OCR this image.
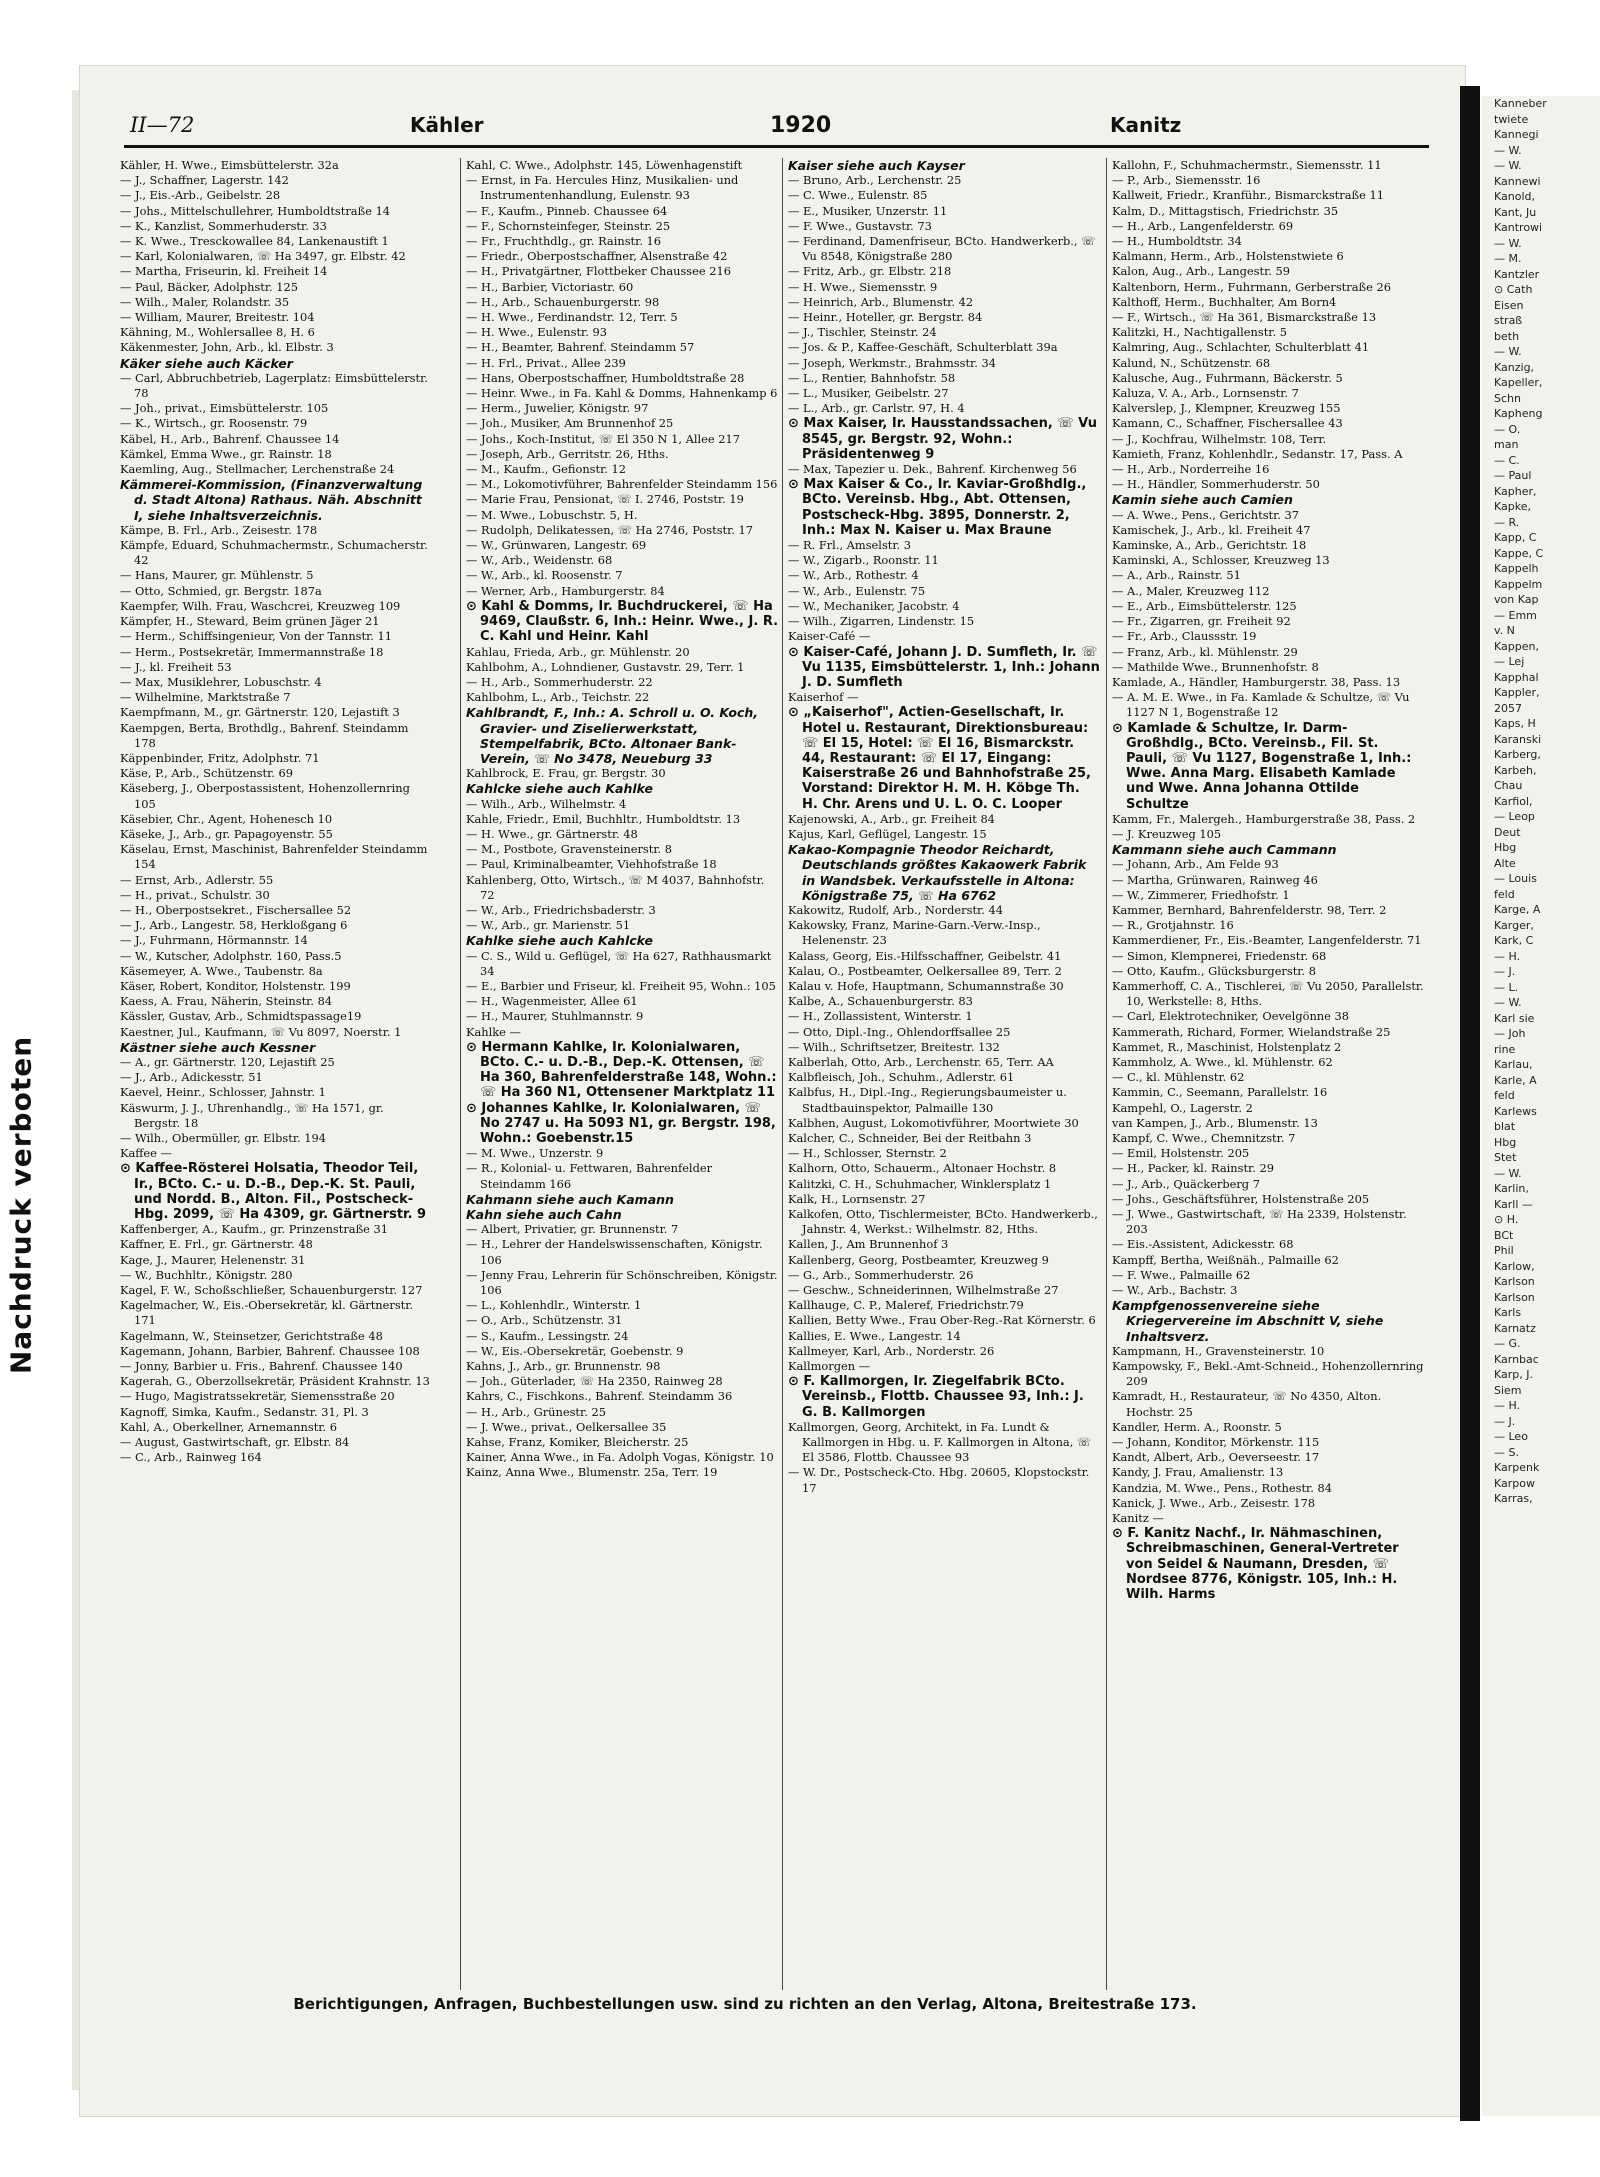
Nachdruck verboten
Kanneber
twiete
Kannegi
— W.
— W.
Kannewi
Kanold,
Kant, Ju
Kantrowi
— W.
— M.
Kantzler
⊙ Cath
Eisen
straß
beth
— W.
Kanzig,
Kapeller,
Schn
Kapheng
— O.
man
— C.
— Paul
Kapher,
Kapke,
— R.
Kapp, C
Kappe, C
Kappelh
Kappelm
von Kap
— Emm
v. N
Kappen,
— Lej
Kapphal
Kappler,
2057
Kaps, H
Karanski
Karberg,
Karbeh,
Chau
Karfiol,
— Leop
Deut
Hbg
Alte
— Louis
feld
Karge, A
Karger,
Kark, C
— H.
— J.
— L.
— W.
Karl sie
— Joh
rine
Karlau,
Karle, A
feld
Karlews
blat
Hbg
Stet
— W.
Karlin,
Karll —
⊙ H.
BCt
Phil
Karlow,
Karlson
Karlson
Karls
Karnatz
— G.
Karnbac
Karp, J.
Siem
— H.
— J.
— Leo
— S.
Karpenk
Karpow
Karras,
II—72	Kähler	1920	Kanitz

Kähler, H. Wwe., Eimsbüttelerstr. 32a

— J., Schaffner, Lagerstr. 142

— J., Eis.-Arb., Geibelstr. 28

— Johs., Mittelschullehrer, Humboldtstraße 14

— K., Kanzlist, Sommerhuderstr. 33

— K. Wwe., Tresckowallee 84, Lankenaustift 1

— Karl, Kolonialwaren, ☏ Ha 3497, gr. Elbstr. 42

— Martha, Friseurin, kl. Freiheit 14

— Paul, Bäcker, Adolphstr. 125

— Wilh., Maler, Rolandstr. 35

— William, Maurer, Breitestr. 104

Kähning, M., Wohlersallee 8, H. 6

Käkenmester, John, Arb., kl. Elbstr. 3

Käker siehe auch Käcker

— Carl, Abbruchbetrieb, Lagerplatz: Eimsbüttelerstr. 78

— Joh., privat., Eimsbüttelerstr. 105

— K., Wirtsch., gr. Roosenstr. 79

Käbel, H., Arb., Bahrenf. Chaussee 14

Kämkel, Emma Wwe., gr. Rainstr. 18

Kaemling, Aug., Stellmacher, Lerchenstraße 24

Kämmerei-Kommission, (Finanzverwaltung d. Stadt Altona) Rathaus. Näh. Abschnitt I, siehe Inhaltsverzeichnis.

Kämpe, B. Frl., Arb., Zeisestr. 178

Kämpfe, Eduard, Schuhmachermstr., Schumacherstr. 42

— Hans, Maurer, gr. Mühlenstr. 5

— Otto, Schmied, gr. Bergstr. 187a

Kaempfer, Wilh. Frau, Waschcrei, Kreuzweg 109

Kämpfer, H., Steward, Beim grünen Jäger 21

— Herm., Schiffsingenieur, Von der Tannstr. 11

— Herm., Postsekretär, Immermannstraße 18

— J., kl. Freiheit 53

— Max, Musiklehrer, Lobuschstr. 4

— Wilhelmine, Marktstraße 7

Kaempfmann, M., gr. Gärtnerstr. 120, Lejastift 3

Kaempgen, Berta, Brothdlg., Bahrenf. Steindamm 178

Käppenbinder, Fritz, Adolphstr. 71

Käse, P., Arb., Schützenstr. 69

Käseberg, J., Oberpostassistent, Hohenzollernring 105

Käsebier, Chr., Agent, Hohenesch 10

Käseke, J., Arb., gr. Papagoyenstr. 55

Käselau, Ernst, Maschinist, Bahrenfelder Steindamm 154

— Ernst, Arb., Adlerstr. 55

— H., privat., Schulstr. 30

— H., Oberpostsekret., Fischersallee 52

— J., Arb., Langestr. 58, Herkloßgang 6

— J., Fuhrmann, Hörmannstr. 14

— W., Kutscher, Adolphstr. 160, Pass.5

Käsemeyer, A. Wwe., Taubenstr. 8a

Käser, Robert, Konditor, Holstenstr. 199

Kaess, A. Frau, Näherin, Steinstr. 84

Kässler, Gustav, Arb., Schmidtspassage19

Kaestner, Jul., Kaufmann, ☏ Vu 8097, Noerstr. 1

Kästner siehe auch Kessner

— A., gr. Gärtnerstr. 120, Lejastift 25

— J., Arb., Adickesstr. 51

Kaevel, Heinr., Schlosser, Jahnstr. 1

Käswurm, J. J., Uhrenhandlg., ☏ Ha 1571, gr. Bergstr. 18

— Wilh., Obermüller, gr. Elbstr. 194

Kaffee —

⊙ Kaffee-Rösterei Holsatia, Theodor Teil, Ir., BCto. C.- u. D.-B., Dep.-K. St. Pauli, und Nordd. B., Alton. Fil., Postscheck-Hbg. 2099, ☏ Ha 4309, gr. Gärtnerstr. 9

Kaffenberger, A., Kaufm., gr. Prinzenstraße 31

Kaffner, E. Frl., gr. Gärtnerstr. 48

Kage, J., Maurer, Helenenstr. 31

— W., Buchhltr., Königstr. 280

Kagel, F. W., Schoßschließer, Schauenburgerstr. 127

Kagelmacher, W., Eis.-Obersekretär, kl. Gärtnerstr. 171

Kagelmann, W., Steinsetzer, Gerichtstraße 48

Kagemann, Johann, Barbier, Bahrenf. Chaussee 108

— Jonny, Barbier u. Fris., Bahrenf. Chaussee 140

Kagerah, G., Oberzollsekretär, Präsident Krahnstr. 13

— Hugo, Magistratssekretär, Siemensstraße 20

Kagnoff, Simka, Kaufm., Sedanstr. 31, Pl. 3

Kahl, A., Oberkellner, Arnemannstr. 6

— August, Gastwirtschaft, gr. Elbstr. 84

— C., Arb., Rainweg 164

Kahl, C. Wwe., Adolphstr. 145, Löwenhagenstift

— Ernst, in Fa. Hercules Hinz, Musikalien- und Instrumentenhandlung, Eulenstr. 93

— F., Kaufm., Pinneb. Chaussee 64

— F., Schornsteinfeger, Steinstr. 25

— Fr., Fruchthdlg., gr. Rainstr. 16

— Friedr., Oberpostschaffner, Alsenstraße 42

— H., Privatgärtner, Flottbeker Chaussee 216

— H., Barbier, Victoriastr. 60

— H., Arb., Schauenburgerstr. 98

— H. Wwe., Ferdinandstr. 12, Terr. 5

— H. Wwe., Eulenstr. 93

— H., Beamter, Bahrenf. Steindamm 57

— H. Frl., Privat., Allee 239

— Hans, Oberpostschaffner, Humboldtstraße 28

— Heinr. Wwe., in Fa. Kahl & Domms, Hahnenkamp 6

— Herm., Juwelier, Königstr. 97

— Joh., Musiker, Am Brunnenhof 25

— Johs., Koch-Institut, ☏ El 350 N 1, Allee 217

— Joseph, Arb., Gerritstr. 26, Hths.

— M., Kaufm., Gefionstr. 12

— M., Lokomotivführer, Bahrenfelder Steindamm 156

— Marie Frau, Pensionat, ☏ I. 2746, Poststr. 19

— M. Wwe., Lobuschstr. 5, H.

— Rudolph, Delikatessen, ☏ Ha 2746, Poststr. 17

— W., Grünwaren, Langestr. 69

— W., Arb., Weidenstr. 68

— W., Arb., kl. Roosenstr. 7

— Werner, Arb., Hamburgerstr. 84

⊙ Kahl & Domms, Ir. Buchdruckerei, ☏ Ha 9469, Claußstr. 6, Inh.: Heinr. Wwe., J. R. C. Kahl und Heinr. Kahl

Kahlau, Frieda, Arb., gr. Mühlenstr. 20

Kahlbohm, A., Lohndiener, Gustavstr. 29, Terr. 1

— H., Arb., Sommerhuderstr. 22

Kahlbohm, L., Arb., Teichstr. 22

Kahlbrandt, F., Inh.: A. Schroll u. O. Koch, Gravier- und Ziselierwerkstatt, Stempelfabrik, BCto. Altonaer Bank-Verein, ☏ No 3478, Neueburg 33

Kahlbrock, E. Frau, gr. Bergstr. 30

Kahlcke siehe auch Kahlke

— Wilh., Arb., Wilhelmstr. 4

Kahle, Friedr., Emil, Buchhltr., Humboldtstr. 13

— H. Wwe., gr. Gärtnerstr. 48

— M., Postbote, Gravensteinerstr. 8

— Paul, Kriminalbeamter, Viehhofstraße 18

Kahlenberg, Otto, Wirtsch., ☏ M 4037, Bahnhofstr. 72

— W., Arb., Friedrichsbaderstr. 3

— W., Arb., gr. Marienstr. 51

Kahlke siehe auch Kahlcke

— C. S., Wild u. Geflügel, ☏ Ha 627, Rathhausmarkt 34

— E., Barbier und Friseur, kl. Freiheit 95, Wohn.: 105

— H., Wagenmeister, Allee 61

— H., Maurer, Stuhlmannstr. 9

Kahlke —

⊙ Hermann Kahlke, Ir. Kolonialwaren, BCto. C.- u. D.-B., Dep.-K. Ottensen, ☏ Ha 360, Bahrenfelderstraße 148, Wohn.: ☏ Ha 360 N1, Ottensener Marktplatz 11

⊙ Johannes Kahlke, Ir. Kolonialwaren, ☏ No 2747 u. Ha 5093 N1, gr. Bergstr. 198, Wohn.: Goebenstr.15

— M. Wwe., Unzerstr. 9

— R., Kolonial- u. Fettwaren, Bahrenfelder Steindamm 166

Kahmann siehe auch Kamann

Kahn siehe auch Cahn

— Albert, Privatier, gr. Brunnenstr. 7

— H., Lehrer der Handelswissenschaften, Königstr. 106

— Jenny Frau, Lehrerin für Schönschreiben, Königstr. 106

— L., Kohlenhdlr., Winterstr. 1

— O., Arb., Schützenstr. 31

— S., Kaufm., Lessingstr. 24

— W., Eis.-Obersekretär, Goebenstr. 9

Kahns, J., Arb., gr. Brunnenstr. 98

— Joh., Güterlader, ☏ Ha 2350, Rainweg 28

Kahrs, C., Fischkons., Bahrenf. Steindamm 36

— H., Arb., Grünestr. 25

— J. Wwe., privat., Oelkersallee 35

Kahse, Franz, Komiker, Bleicherstr. 25

Kainer, Anna Wwe., in Fa. Adolph Vogas, Königstr. 10

Kainz, Anna Wwe., Blumenstr. 25a, Terr. 19

Kaiser siehe auch Kayser

— Bruno, Arb., Lerchenstr. 25

— C. Wwe., Eulenstr. 85

— E., Musiker, Unzerstr. 11

— F. Wwe., Gustavstr. 73

— Ferdinand, Damenfriseur, BCto. Handwerkerb., ☏ Vu 8548, Königstraße 280

— Fritz, Arb., gr. Elbstr. 218

— H. Wwe., Siemensstr. 9

— Heinrich, Arb., Blumenstr. 42

— Heinr., Hoteller, gr. Bergstr. 84

— J., Tischler, Steinstr. 24

— Jos. & P., Kaffee-Geschäft, Schulterblatt 39a

— Joseph, Werkmstr., Brahmsstr. 34

— L., Rentier, Bahnhofstr. 58

— L., Musiker, Geibelstr. 27

— L., Arb., gr. Carlstr. 97, H. 4

⊙ Max Kaiser, Ir. Hausstandssachen, ☏ Vu 8545, gr. Bergstr. 92, Wohn.: Präsidentenweg 9

— Max, Tapezier u. Dek., Bahrenf. Kirchenweg 56

⊙ Max Kaiser & Co., Ir. Kaviar-Großhdlg., BCto. Vereinsb. Hbg., Abt. Ottensen, Postscheck-Hbg. 3895, Donnerstr. 2, Inh.: Max N. Kaiser u. Max Braune

— R. Frl., Amselstr. 3

— W., Zigarb., Roonstr. 11

— W., Arb., Rothestr. 4

— W., Arb., Eulenstr. 75

— W., Mechaniker, Jacobstr. 4

— Wilh., Zigarren, Lindenstr. 15

Kaiser-Café —

⊙ Kaiser-Café, Johann J. D. Sumfleth, Ir. ☏ Vu 1135, Eimsbüttelerstr. 1, Inh.: Johann J. D. Sumfleth

Kaiserhof —

⊙ „Kaiserhof", Actien-Gesellschaft, Ir. Hotel u. Restaurant, Direktionsbureau: ☏ El 15, Hotel: ☏ El 16, Bismarckstr. 44, Restaurant: ☏ El 17, Eingang: Kaiserstraße 26 und Bahnhofstraße 25, Vorstand: Direktor H. M. H. Köbge Th. H. Chr. Arens und U. L. O. C. Looper

Kajenowski, A., Arb., gr. Freiheit 84

Kajus, Karl, Geflügel, Langestr. 15

Kakao-Kompagnie Theodor Reichardt, Deutschlands größtes Kakaowerk Fabrik in Wandsbek. Verkaufsstelle in Altona: Königstraße 75, ☏ Ha 6762

Kakowitz, Rudolf, Arb., Norderstr. 44

Kakowsky, Franz, Marine-Garn.-Verw.-Insp., Helenenstr. 23

Kalass, Georg, Eis.-Hilfsschaffner, Geibelstr. 41

Kalau, O., Postbeamter, Oelkersallee 89, Terr. 2

Kalau v. Hofe, Hauptmann, Schumannstraße 30

Kalbe, A., Schauenburgerstr. 83

— H., Zollassistent, Winterstr. 1

— Otto, Dipl.-Ing., Ohlendorffsallee 25

— Wilh., Schriftsetzer, Breitestr. 132

Kalberlah, Otto, Arb., Lerchenstr. 65, Terr. AA

Kalbfleisch, Joh., Schuhm., Adlerstr. 61

Kalbfus, H., Dipl.-Ing., Regierungsbaumeister u. Stadtbauinspektor, Palmaille 130

Kalbhen, August, Lokomotivführer, Moortwiete 30

Kalcher, C., Schneider, Bei der Reitbahn 3

— H., Schlosser, Sternstr. 2

Kalhorn, Otto, Schauerm., Altonaer Hochstr. 8

Kalitzki, C. H., Schuhmacher, Winklersplatz 1

Kalk, H., Lornsenstr. 27

Kalkofen, Otto, Tischlermeister, BCto. Handwerkerb., Jahnstr. 4, Werkst.: Wilhelmstr. 82, Hths.

Kallen, J., Am Brunnenhof 3

Kallenberg, Georg, Postbeamter, Kreuzweg 9

— G., Arb., Sommerhuderstr. 26

— Geschw., Schneiderinnen, Wilhelmstraße 27

Kallhauge, C. P., Maleref, Friedrichstr.79

Kallien, Betty Wwe., Frau Ober-Reg.-Rat Körnerstr. 6

Kallies, E. Wwe., Langestr. 14

Kallmeyer, Karl, Arb., Norderstr. 26

Kallmorgen —

⊙ F. Kallmorgen, Ir. Ziegelfabrik BCto. Vereinsb., Flottb. Chaussee 93, Inh.: J. G. B. Kallmorgen

Kallmorgen, Georg, Architekt, in Fa. Lundt & Kallmorgen in Hbg. u. F. Kallmorgen in Altona, ☏ El 3586, Flottb. Chaussee 93

— W. Dr., Postscheck-Cto. Hbg. 20605, Klopstockstr. 17

Kallohn, F., Schuhmachermstr., Siemensstr. 11

— P., Arb., Siemensstr. 16

Kallweit, Friedr., Kranführ., Bismarckstraße 11

Kalm, D., Mittagstisch, Friedrichstr. 35

— H., Arb., Langenfelderstr. 69

— H., Humboldtstr. 34

Kalmann, Herm., Arb., Holstenstwiete 6

Kalon, Aug., Arb., Langestr. 59

Kaltenborn, Herm., Fuhrmann, Gerberstraße 26

Kalthoff, Herm., Buchhalter, Am Born4

— F., Wirtsch., ☏ Ha 361, Bismarckstraße 13

Kalitzki, H., Nachtigallenstr. 5

Kalmring, Aug., Schlachter, Schulterblatt 41

Kalund, N., Schützenstr. 68

Kalusche, Aug., Fuhrmann, Bäckerstr. 5

Kaluza, V. A., Arb., Lornsenstr. 7

Kalverslep, J., Klempner, Kreuzweg 155

Kamann, C., Schaffner, Fischersallee 43

— J., Kochfrau, Wilhelmstr. 108, Terr.

Kamieth, Franz, Kohlenhdlr., Sedanstr. 17, Pass. A

— H., Arb., Norderreihe 16

— H., Händler, Sommerhuderstr. 50

Kamin siehe auch Camien

— A. Wwe., Pens., Gerichtstr. 37

Kamischek, J., Arb., kl. Freiheit 47

Kaminske, A., Arb., Gerichtstr. 18

Kaminski, A., Schlosser, Kreuzweg 13

— A., Arb., Rainstr. 51

— A., Maler, Kreuzweg 112

— E., Arb., Eimsbüttelerstr. 125

— Fr., Zigarren, gr. Freiheit 92

— Fr., Arb., Claussstr. 19

— Franz, Arb., kl. Mühlenstr. 29

— Mathilde Wwe., Brunnenhofstr. 8

Kamlade, A., Händler, Hamburgerstr. 38, Pass. 13

— A. M. E. Wwe., in Fa. Kamlade & Schultze, ☏ Vu 1127 N 1, Bogenstraße 12

⊙ Kamlade & Schultze, Ir. Darm-Großhdlg., BCto. Vereinsb., Fil. St. Pauli, ☏ Vu 1127, Bogenstraße 1, Inh.: Wwe. Anna Marg. Elisabeth Kamlade und Wwe. Anna Johanna Ottilde Schultze

Kamm, Fr., Malergeh., Hamburgerstraße 38, Pass. 2

— J. Kreuzweg 105

Kammann siehe auch Cammann

— Johann, Arb., Am Felde 93

— Martha, Grünwaren, Rainweg 46

— W., Zimmerer, Friedhofstr. 1

Kammer, Bernhard, Bahrenfelderstr. 98, Terr. 2

— R., Grotjahnstr. 16

Kammerdiener, Fr., Eis.-Beamter, Langenfelderstr. 71

— Simon, Klempnerei, Friedenstr. 68

— Otto, Kaufm., Glücksburgerstr. 8

Kammerhoff, C. A., Tischlerei, ☏ Vu 2050, Parallelstr. 10, Werkstelle: 8, Hths.

— Carl, Elektrotechniker, Oevelgönne 38

Kammerath, Richard, Former, Wielandstraße 25

Kammet, R., Maschinist, Holstenplatz 2

Kammholz, A. Wwe., kl. Mühlenstr. 62

— C., kl. Mühlenstr. 62

Kammin, C., Seemann, Parallelstr. 16

Kampehl, O., Lagerstr. 2

van Kampen, J., Arb., Blumenstr. 13

Kampf, C. Wwe., Chemnitzstr. 7

— Emil, Holstenstr. 205

— H., Packer, kl. Rainstr. 29

— J., Arb., Quäckerberg 7

— Johs., Geschäftsführer, Holstenstraße 205

— J. Wwe., Gastwirtschaft, ☏ Ha 2339, Holstenstr. 203

— Eis.-Assistent, Adickesstr. 68

Kampff, Bertha, Weißnäh., Palmaille 62

— F. Wwe., Palmaille 62

— W., Arb., Bachstr. 3

Kampfgenossenvereine siehe Kriegervereine im Abschnitt V, siehe Inhaltsverz.

Kampmann, H., Gravensteinerstr. 10

Kampowsky, F., Bekl.-Amt-Schneid., Hohenzollernring 209

Kamradt, H., Restaurateur, ☏ No 4350, Alton. Hochstr. 25

Kandler, Herm. A., Roonstr. 5

— Johann, Konditor, Mörkenstr. 115

Kandt, Albert, Arb., Oeverseestr. 17

Kandy, J. Frau, Amalienstr. 13

Kandzia, M. Wwe., Pens., Rothestr. 84

Kanick, J. Wwe., Arb., Zeisestr. 178

Kanitz —

⊙ F. Kanitz Nachf., Ir. Nähmaschinen, Schreibmaschinen, General-Vertreter von Seidel & Naumann, Dresden, ☏ Nordsee 8776, Königstr. 105, Inh.: H. Wilh. Harms

Berichtigungen, Anfragen, Buchbestellungen usw. sind zu richten an den Verlag, Altona, Breitestraße 173.
